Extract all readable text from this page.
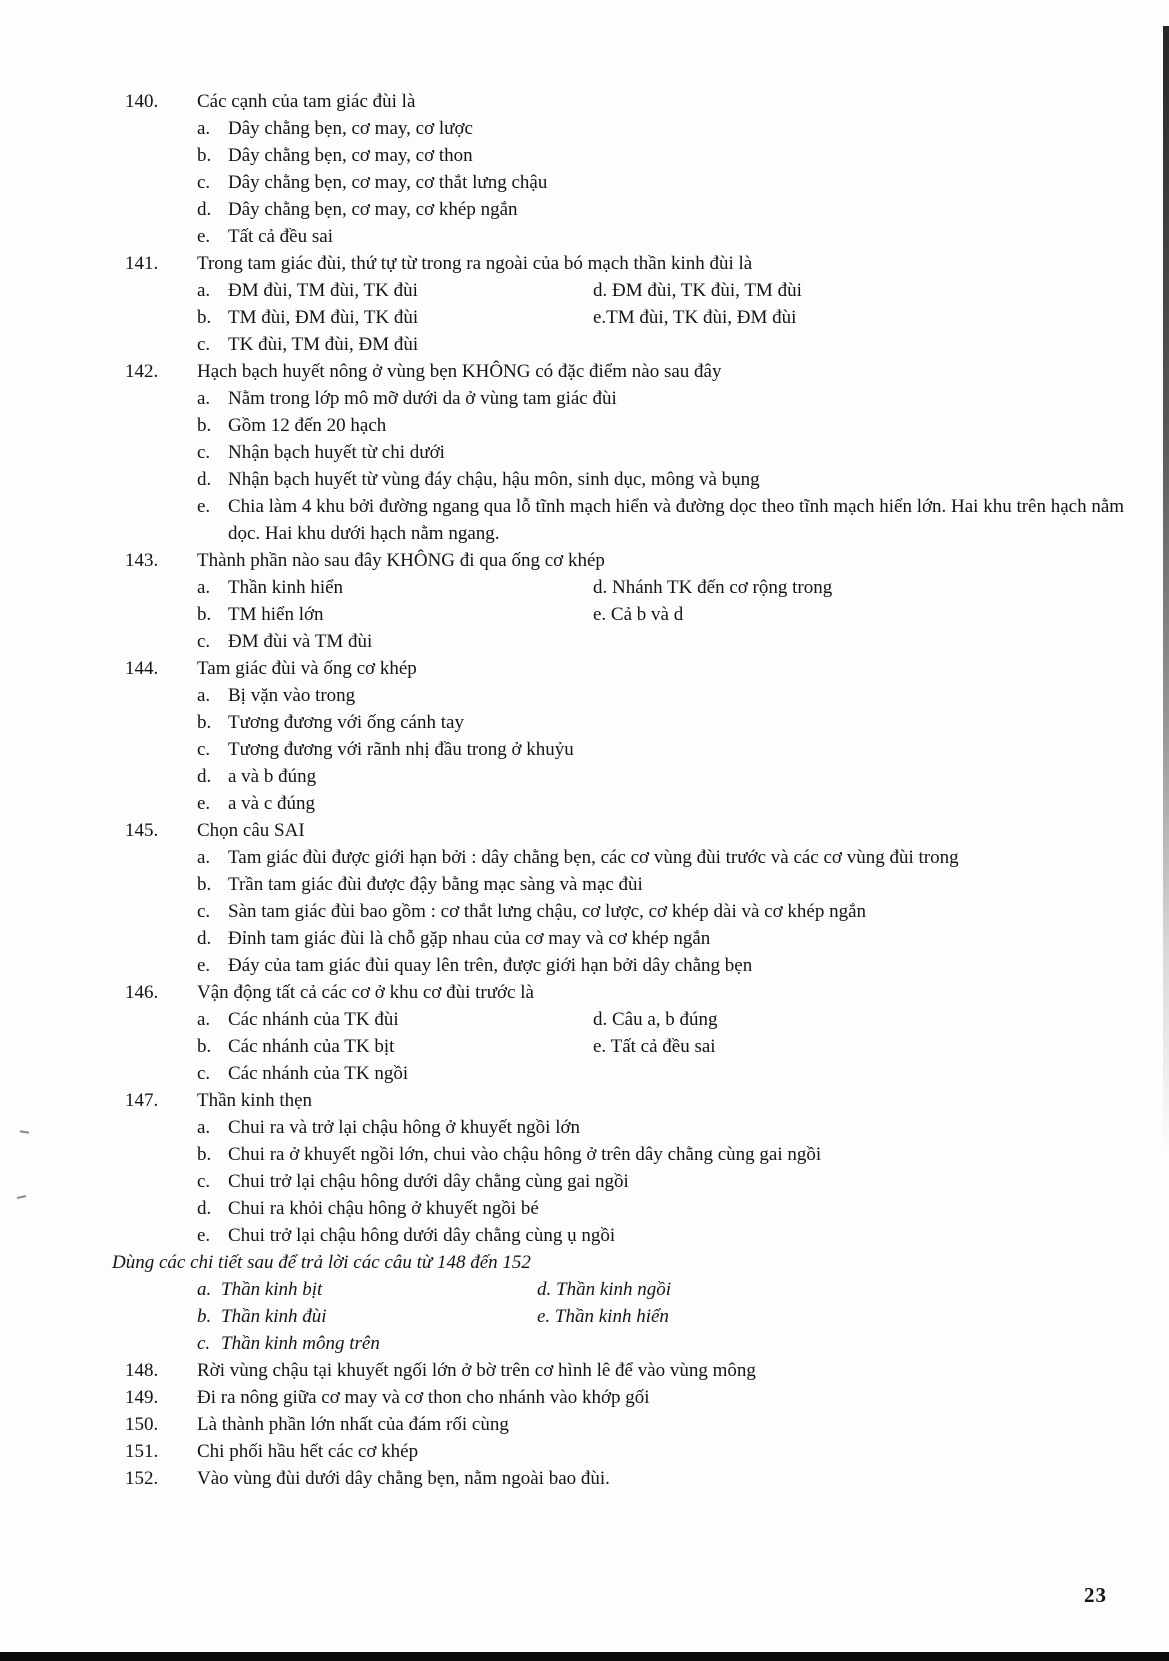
140.	Các cạnh của tam giác đùi là
a. Dây chằng bẹn, cơ may, cơ lược
b. Dây chằng bẹn, cơ may, cơ thon
c. Dây chằng bẹn, cơ may, cơ thắt lưng chậu
d. Dây chằng bẹn, cơ may, cơ khép ngắn
e. Tất cả đều sai
141.	Trong tam giác đùi, thứ tự từ trong ra ngoài của bó mạch thần kinh đùi là
a. ĐM đùi, TM đùi, TK đùi	d. ĐM đùi, TK đùi, TM đùi
b. TM đùi, ĐM đùi, TK đùi	e.TM đùi, TK đùi, ĐM đùi
c. TK đùi, TM đùi, ĐM đùi
142.	Hạch bạch huyết nông ở vùng bẹn KHÔNG có đặc điểm nào sau đây
a. Nằm trong lớp mô mỡ dưới da ở vùng tam giác đùi
b. Gồm 12 đến 20 hạch
c. Nhận bạch huyết từ chi dưới
d. Nhận bạch huyết từ vùng đáy chậu, hậu môn, sinh dục, mông và bụng
e. Chia làm 4 khu bởi đường ngang qua lỗ tĩnh mạch hiển và đường dọc theo tĩnh mạch hiển lớn. Hai khu trên hạch nằm dọc. Hai khu dưới hạch nằm ngang.
143.	Thành phần nào sau đây KHÔNG đi qua ống cơ khép
a. Thần kinh hiển	d. Nhánh TK đến cơ rộng trong
b. TM hiển lớn	e. Cả b và d
c. ĐM đùi và TM đùi
144.	Tam giác đùi và ống cơ khép
a. Bị vặn vào trong
b. Tương đương với ống cánh tay
c. Tương đương với rãnh nhị đầu trong ở khuỷu
d. a và b đúng
e. a và c đúng
145.	Chọn câu SAI
a. Tam giác đùi được giới hạn bởi : dây chằng bẹn, các cơ vùng đùi trước và các cơ vùng đùi trong
b. Trần tam giác đùi được đậy bằng mạc sàng và mạc đùi
c. Sàn tam giác đùi bao gồm : cơ thắt lưng chậu, cơ lược, cơ khép dài và cơ khép ngắn
d. Đỉnh tam giác đùi là chỗ gặp nhau của cơ may và cơ khép ngắn
e. Đáy của tam giác đùi quay lên trên, được giới hạn bởi dây chằng bẹn
146.	Vận động tất cả các cơ ở khu cơ đùi trước là
a. Các nhánh của TK đùi	d. Câu a, b đúng
b. Các nhánh của TK bịt	e. Tất cả đều sai
c. Các nhánh của TK ngồi
147.	Thần kinh thẹn
a. Chui ra và trở lại chậu hông ở khuyết ngồi lớn
b. Chui ra ở khuyết ngồi lớn, chui vào chậu hông ở trên dây chằng cùng gai ngồi
c. Chui trở lại chậu hông dưới dây chằng cùng gai ngồi
d. Chui ra khỏi chậu hông ở khuyết ngồi bé
e. Chui trở lại chậu hông dưới dây chằng cùng ụ ngồi
Dùng các chi tiết sau để trả lời các câu từ 148 đến 152
a. Thần kinh bịt	d. Thần kinh ngồi
b. Thần kinh đùi	e. Thần kinh hiển
c. Thần kinh mông trên
148.	Rời vùng chậu tại khuyết ngối lớn ở bờ trên cơ hình lê để vào vùng mông
149.	Đi ra nông giữa cơ may và cơ thon cho nhánh vào khớp gối
150.	Là thành phần lớn nhất của đám rối cùng
151.	Chi phối hầu hết các cơ khép
152.	Vào vùng đùi dưới dây chằng bẹn, nằm ngoài bao đùi.
23
